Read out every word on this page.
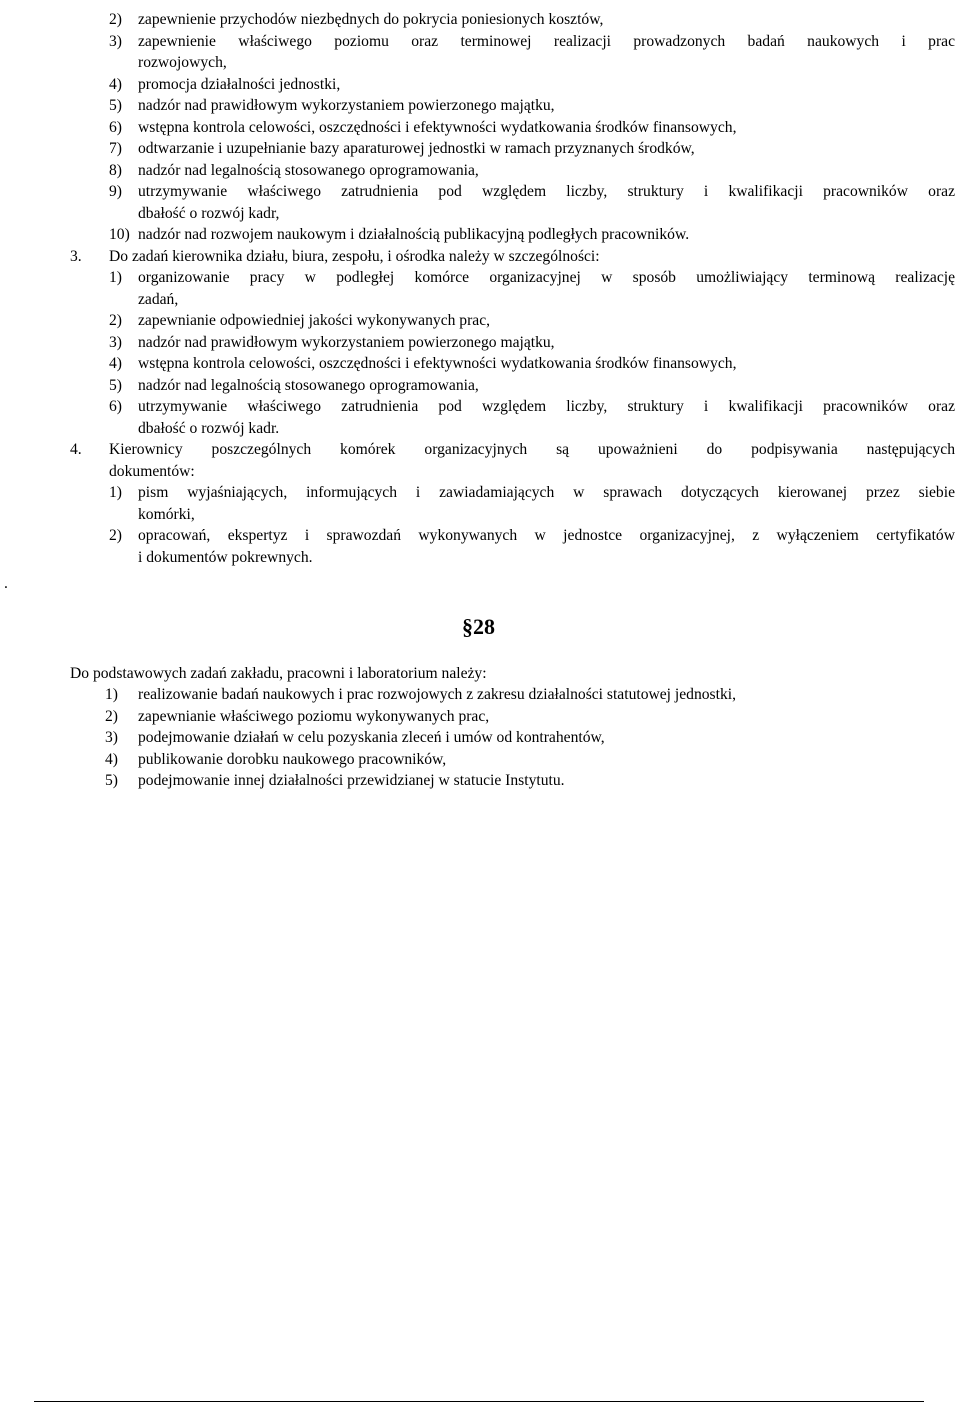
2) zapewnienie przychodów niezbędnych do pokrycia poniesionych kosztów,
3) zapewnienie właściwego poziomu oraz terminowej realizacji prowadzonych badań naukowych i prac
rozwojowych,
4) promocja działalności jednostki,
5) nadzór nad prawidłowym wykorzystaniem powierzonego majątku,
6) wstępna kontrola celowości, oszczędności i efektywności wydatkowania środków finansowych,
7) odtwarzanie i uzupełnianie bazy aparaturowej jednostki w ramach przyznanych środków,
8) nadzór nad legalnością stosowanego oprogramowania,
9) utrzymywanie właściwego zatrudnienia pod względem liczby, struktury i kwalifikacji pracowników oraz
dbałość o rozwój kadr,
10) nadzór nad rozwojem naukowym i działalnością publikacyjną podległych pracowników.
3. Do zadań kierownika działu, biura, zespołu, i ośrodka należy w szczególności:
1) organizowanie pracy w podległej komórce organizacyjnej w sposób umożliwiający terminową realizację
zadań,
2) zapewnianie odpowiedniej jakości wykonywanych prac,
3) nadzór nad prawidłowym wykorzystaniem powierzonego majątku,
4) wstępna kontrola celowości, oszczędności i efektywności wydatkowania środków finansowych,
5) nadzór nad legalnością stosowanego oprogramowania,
6) utrzymywanie właściwego zatrudnienia pod względem liczby, struktury i kwalifikacji pracowników oraz
dbałość o rozwój kadr.
4. Kierownicy poszczególnych komórek organizacyjnych są upoważnieni do podpisywania następujących
dokumentów:
1) pism wyjaśniających, informujących i zawiadamiających w sprawach dotyczących kierowanej przez siebie
komórki,
2) opracowań, ekspertyz i sprawozdań wykonywanych w jednostce organizacyjnej, z wyłączeniem certyfikatów
i dokumentów pokrewnych.
.
§28
Do podstawowych zadań zakładu, pracowni i laboratorium należy:
1) realizowanie badań naukowych i prac rozwojowych z zakresu działalności statutowej jednostki,
2) zapewnianie właściwego poziomu wykonywanych prac,
3) podejmowanie działań w celu pozyskania zleceń i umów od kontrahentów,
4) publikowanie dorobku naukowego pracowników,
5) podejmowanie innej działalności przewidzianej w statucie Instytutu.
